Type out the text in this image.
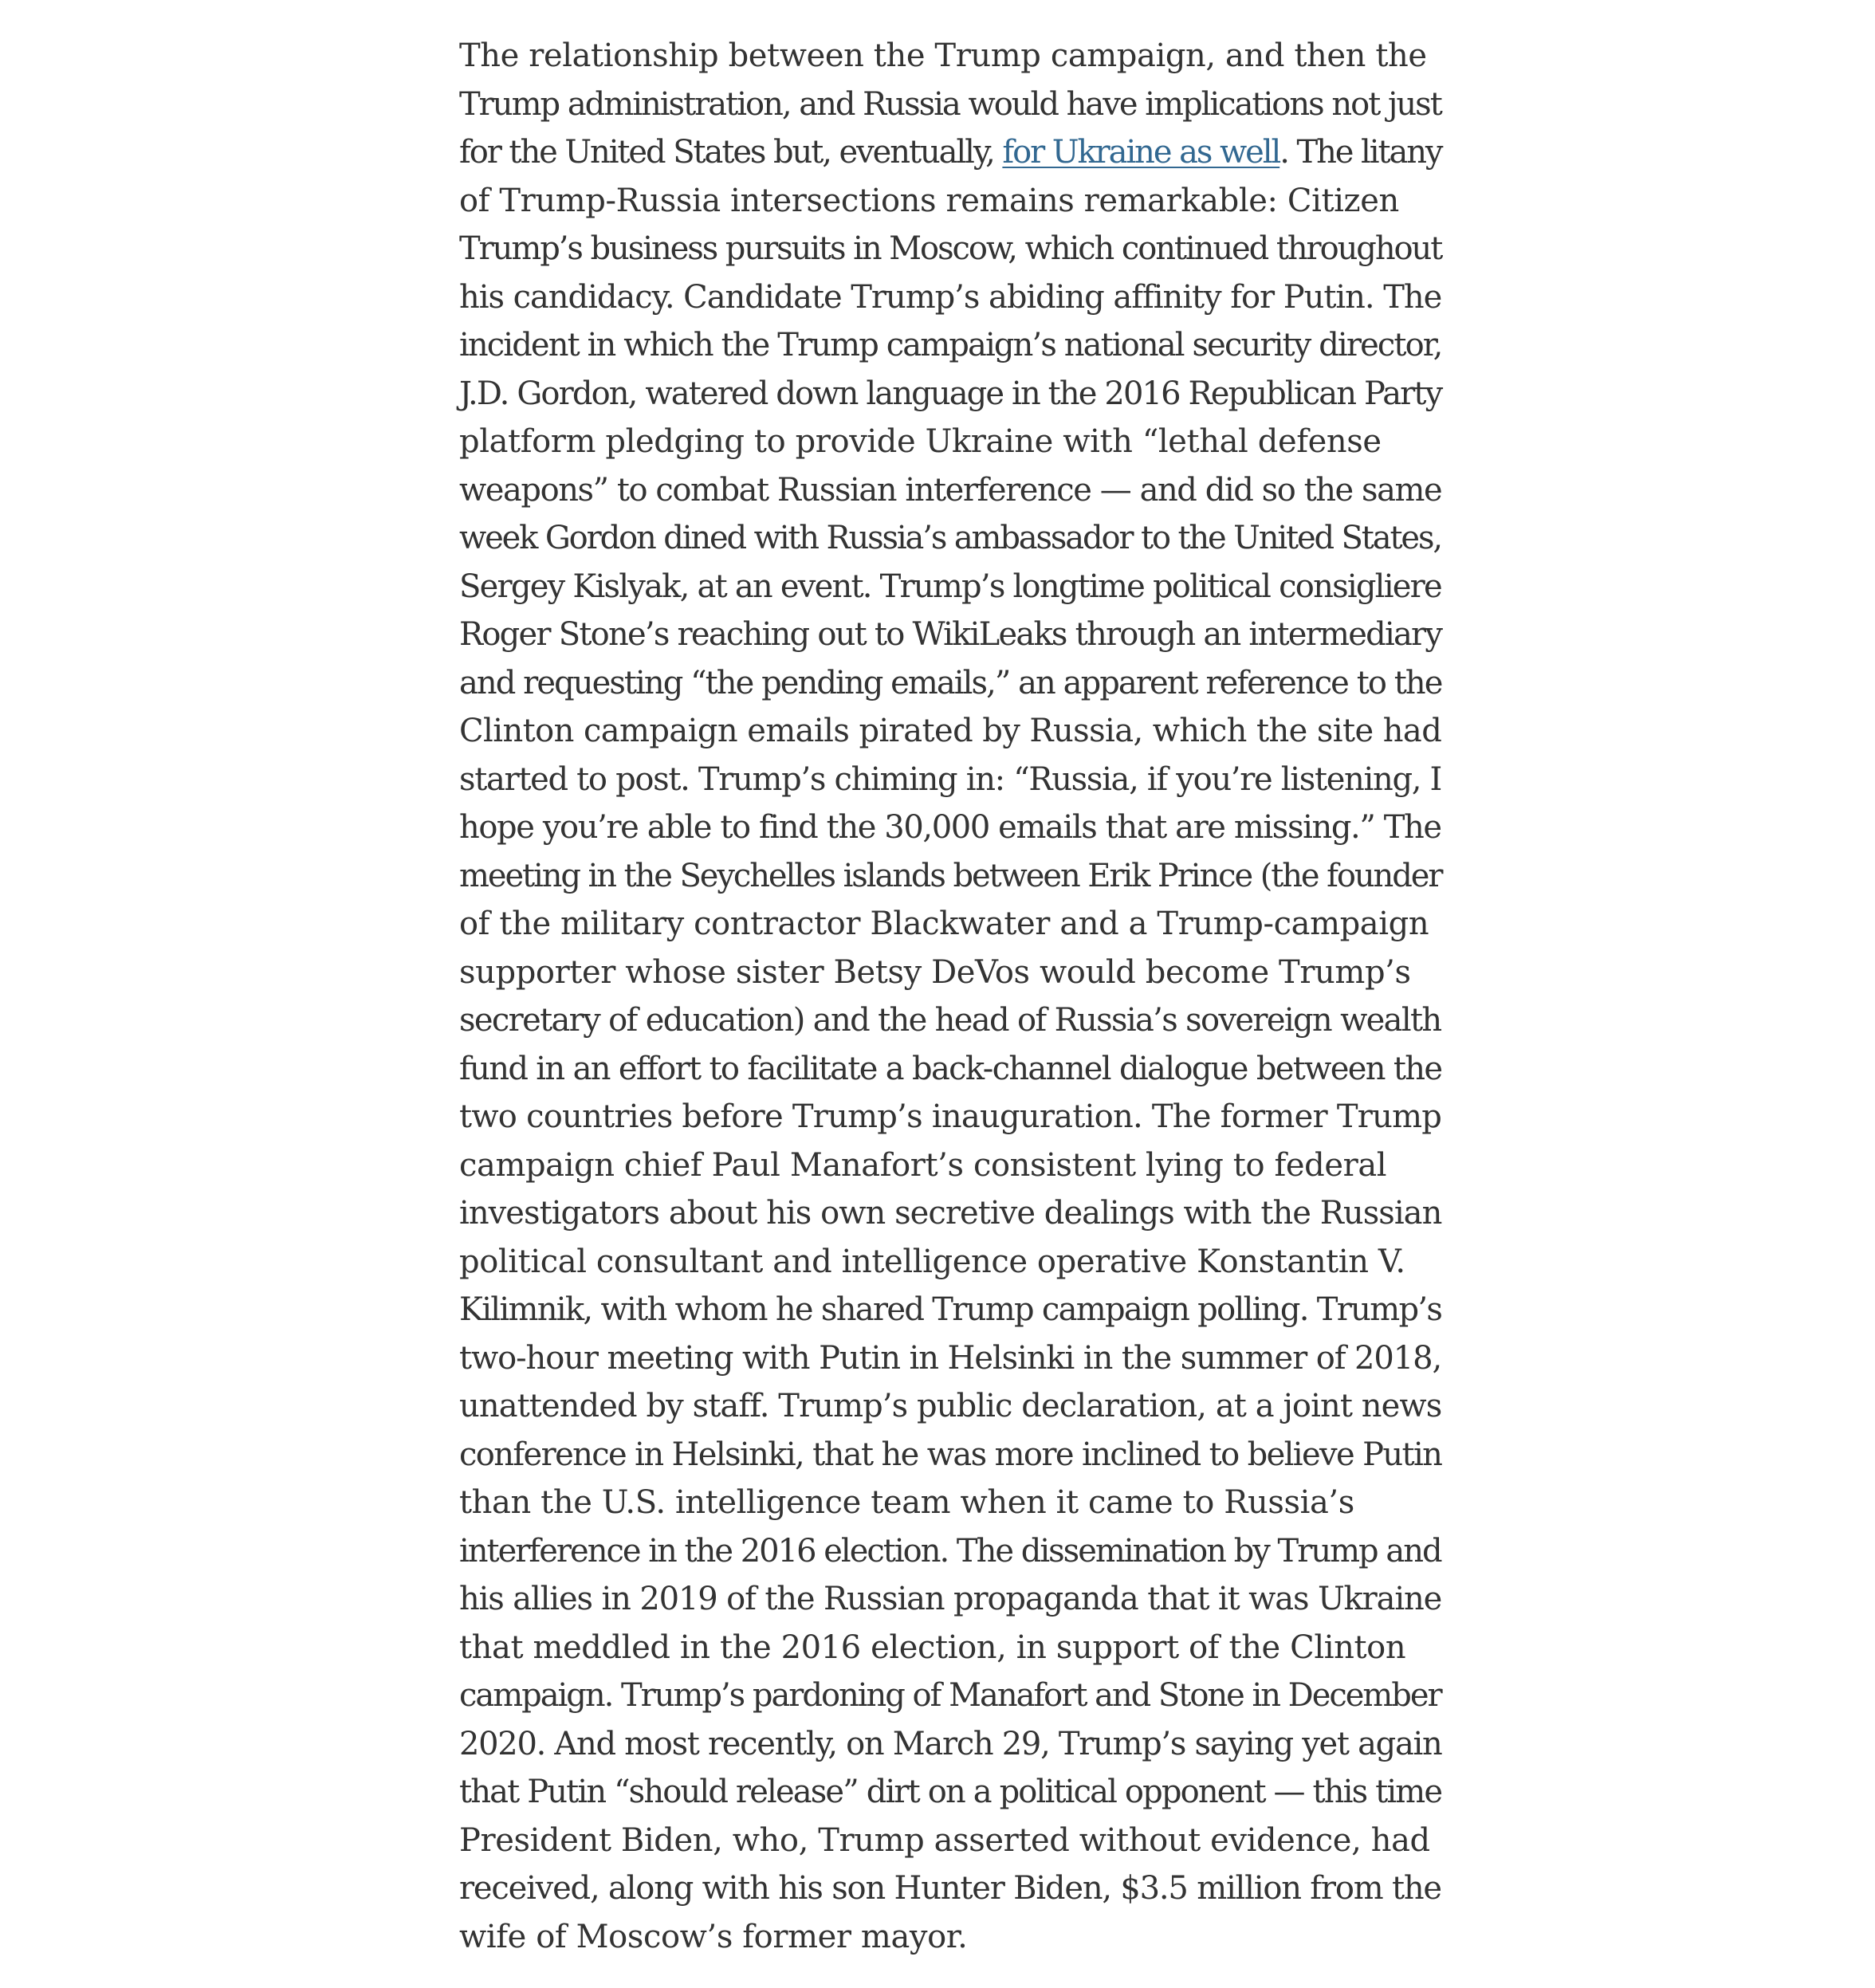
The relationship between the Trump campaign, and then the
Trump administration, and Russia would have implications not just
for the United States but, eventually, for Ukraine as well. The litany
of Trump-Russia intersections remains remarkable: Citizen
Trump’s business pursuits in Moscow, which continued throughout
his candidacy. Candidate Trump’s abiding affinity for Putin. The
incident in which the Trump campaign’s national security director,
J.D. Gordon, watered down language in the 2016 Republican Party
platform pledging to provide Ukraine with “lethal defense
weapons” to combat Russian interference — and did so the same
week Gordon dined with Russia’s ambassador to the United States,
Sergey Kislyak, at an event. Trump’s longtime political consigliere
Roger Stone’s reaching out to WikiLeaks through an intermediary
and requesting “the pending emails,” an apparent reference to the
Clinton campaign emails pirated by Russia, which the site had
started to post. Trump’s chiming in: “Russia, if you’re listening, I
hope you’re able to find the 30,000 emails that are missing.” The
meeting in the Seychelles islands between Erik Prince (the founder
of the military contractor Blackwater and a Trump-campaign
supporter whose sister Betsy DeVos would become Trump’s
secretary of education) and the head of Russia’s sovereign wealth
fund in an effort to facilitate a back-channel dialogue between the
two countries before Trump’s inauguration. The former Trump
campaign chief Paul Manafort’s consistent lying to federal
investigators about his own secretive dealings with the Russian
political consultant and intelligence operative Konstantin V.
Kilimnik, with whom he shared Trump campaign polling. Trump’s
two-hour meeting with Putin in Helsinki in the summer of 2018,
unattended by staff. Trump’s public declaration, at a joint news
conference in Helsinki, that he was more inclined to believe Putin
than the U.S. intelligence team when it came to Russia’s
interference in the 2016 election. The dissemination by Trump and
his allies in 2019 of the Russian propaganda that it was Ukraine
that meddled in the 2016 election, in support of the Clinton
campaign. Trump’s pardoning of Manafort and Stone in December
2020. And most recently, on March 29, Trump’s saying yet again
that Putin “should release” dirt on a political opponent — this time
President Biden, who, Trump asserted without evidence, had
received, along with his son Hunter Biden, $3.5 million from the
wife of Moscow’s former mayor.
